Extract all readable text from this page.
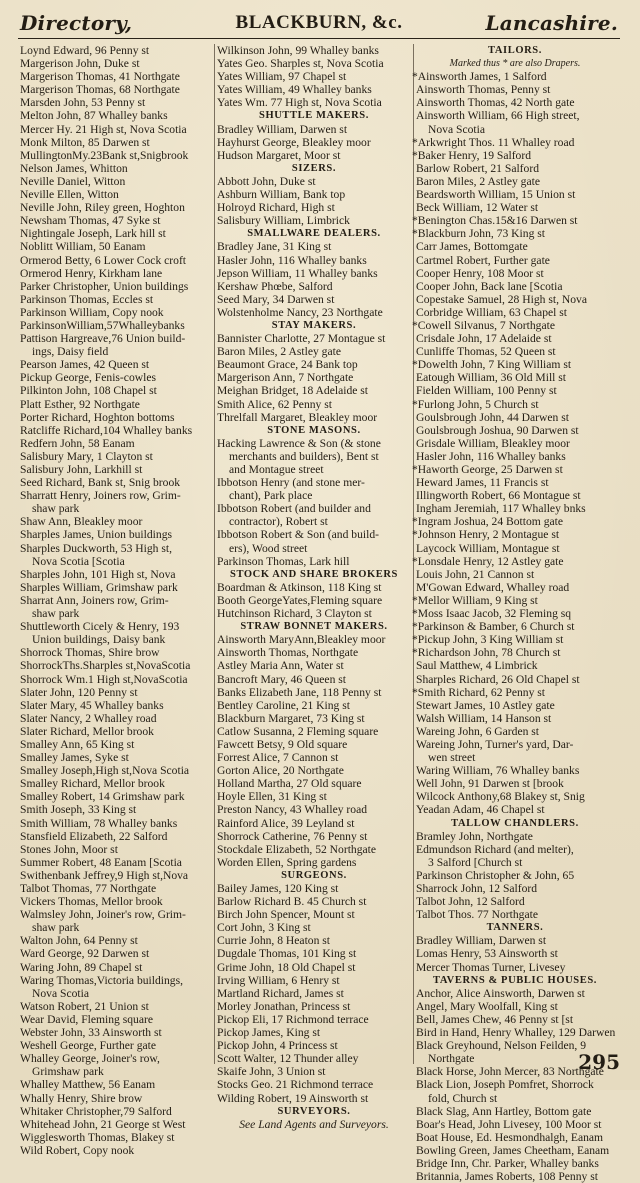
Directory,	BLACKBURN, &c.	Lancashire.
Loynd Edward, 96 Penny st
Margerison John, Duke st
Margerison Thomas, 41 Northgate
Margerison Thomas, 68 Northgate
Marsden John, 53 Penny st
Melton John, 87 Whalley banks
Mercer Hy. 21 High st, Nova Scotia
Monk Milton, 85 Darwen st
MullingtonMy.23Bank st,Snigbrook
Nelson James, Whitton
Neville Daniel, Witton
Neville Ellen, Witton
Neville John, Riley green, Hoghton
Newsham Thomas, 47 Syke st
Nightingale Joseph, Lark hill st
Noblitt William, 50 Eanam
Ormerod Betty, 6 Lower Cock croft
Ormerod Henry, Kirkham lane
Parker Christopher, Union buildings
Parkinson Thomas, Eccles st
Parkinson William, Copy nook
ParkinsonWilliam,57Whalleybanks
Pattison Hargreave,76 Union build-
ings, Daisy field
Pearson James, 42 Queen st
Pickup George, Fenis-cowles
Pilkinton John, 108 Chapel st
Platt Esther, 92 Northgate
Porter Richard, Hoghton bottoms
Ratcliffe Richard,104 Whalley banks
Redfern John, 58 Eanam
Salisbury Mary, 1 Clayton st
Salisbury John, Larkhill st
Seed Richard, Bank st, Snig brook
Sharratt Henry, Joiners row, Grim-
shaw park
Shaw Ann, Bleakley moor
Sharples James, Union buildings
Sharples Duckworth, 53 High st,
Nova Scotia [Scotia
Sharples John, 101 High st, Nova
Sharples William, Grimshaw park
Sharrat Ann, Joiners row, Grim-
shaw park
Shuttleworth Cicely & Henry, 193
Union buildings, Daisy bank
Shorrock Thomas, Shire brow
ShorrockThs.Sharples st,NovaScotia
Shorrock Wm.1 High st,NovaScotia
Slater John, 120 Penny st
Slater Mary, 45 Whalley banks
Slater Nancy, 2 Whalley road
Slater Richard, Mellor brook
Smalley Ann, 65 King st
Smalley James, Syke st
Smalley Joseph,High st,Nova Scotia
Smalley Richard, Mellor brook
Smalley Robert, 14 Grimshaw park
Smith Joseph, 33 King st
Smith William, 78 Whalley banks
Stansfield Elizabeth, 22 Salford
Stones John, Moor st
Summer Robert, 48 Eanam [Scotia
Swithenbank Jeffrey,9 High st,Nova
Talbot Thomas, 77 Northgate
Vickers Thomas, Mellor brook
Walmsley John, Joiner's row, Grim-
shaw park
Walton John, 64 Penny st
Ward George, 92 Darwen st
Waring John, 89 Chapel st
Waring Thomas,Victoria buildings,
Nova Scotia
Watson Robert, 21 Union st
Wear David, Fleming square
Webster John, 33 Ainsworth st
Weshell George, Further gate
Whalley George, Joiner's row,
Grimshaw park
Whalley Matthew, 56 Eanam
Whally Henry, Shire brow
Whitaker Christopher,79 Salford
Whitehead John, 21 George st West
Wigglesworth Thomas, Blakey st
Wild Robert, Copy nook
Wilkinson John, 99 Whalley banks
Yates Geo. Sharples st, Nova Scotia
Yates William, 97 Chapel st
Yates William, 49 Whalley banks
Yates Wm. 77 High st, Nova Scotia
SHUTTLE MAKERS.
Bradley William, Darwen st
Hayhurst George, Bleakley moor
Hudson Margaret, Moor st
SIZERS.
Abbott John, Duke st
Ashburn William, Bank top
Holroyd Richard, High st
Salisbury William, Limbrick
SMALLWARE DEALERS.
Bradley Jane, 31 King st
Hasler John, 116 Whalley banks
Jepson William, 11 Whalley banks
Kershaw Phœbe, Salford
Seed Mary, 34 Darwen st
Wolstenholme Nancy, 23 Northgate
STAY MAKERS.
Bannister Charlotte, 27 Montague st
Baron Miles, 2 Astley gate
Beaumont Grace, 24 Bank top
Margerison Ann, 7 Northgate
Meighan Bridget, 18 Adelaide st
Smith Alice, 62 Penny st
Threlfall Margaret, Bleakley moor
STONE MASONS.
Hacking Lawrence & Son (& stone
merchants and builders), Bent st
and Montague street
Ibbotson Henry (and stone mer-
chant), Park place
Ibbotson Robert (and builder and
contractor), Robert st
Ibbotson Robert & Son (and build-
ers), Wood street
Parkinson Thomas, Lark hill
STOCK AND SHARE BROKERS
Boardman & Atkinson, 118 King st
Booth GeorgeYates,Fleming square
Hutchinson Richard, 3 Clayton st
STRAW BONNET MAKERS.
Ainsworth MaryAnn,Bleakley moor
Ainsworth Thomas, Northgate
Astley Maria Ann, Water st
Bancroft Mary, 46 Queen st
Banks Elizabeth Jane, 118 Penny st
Bentley Caroline, 21 King st
Blackburn Margaret, 73 King st
Catlow Susanna, 2 Fleming square
Fawcett Betsy, 9 Old square
Forrest Alice, 7 Cannon st
Gorton Alice, 20 Northgate
Holland Martha, 27 Old square
Hoyle Ellen, 31 King st
Preston Nancy, 43 Whalley road
Rainford Alice, 39 Leyland st
Shorrock Catherine, 76 Penny st
Stockdale Elizabeth, 52 Northgate
Worden Ellen, Spring gardens
SURGEONS.
Bailey James, 120 King st
Barlow Richard B. 45 Church st
Birch John Spencer, Mount st
Cort John, 3 King st
Currie John, 8 Heaton st
Dugdale Thomas, 101 King st
Grime John, 18 Old Chapel st
Irving William, 6 Henry st
Martland Richard, James st
Morley Jonathan, Princess st
Pickop Eli, 17 Richmond terrace
Pickop James, King st
Pickop John, 4 Princess st
Scott Walter, 12 Thunder alley
Skaife John, 3 Union st
Stocks Geo. 21 Richmond terrace
Wilding Robert, 19 Ainsworth st
SURVEYORS.
See Land Agents and Surveyors.
TAILORS.
Marked thus * are also Drapers.
*Ainsworth James, 1 Salford
Ainsworth Thomas, Penny st
Ainsworth Thomas, 42 North gate
Ainsworth William, 66 High street,
Nova Scotia
*Arkwright Thos. 11 Whalley road
*Baker Henry, 19 Salford
Barlow Robert, 21 Salford
Baron Miles, 2 Astley gate
Beardsworth William, 15 Union st
Beck William, 12 Water st
*Benington Chas.15&16 Darwen st
*Blackburn John, 73 King st
Carr James, Bottomgate
Cartmel Robert, Further gate
Cooper Henry, 108 Moor st
Cooper John, Back lane [Scotia
Copestake Samuel, 28 High st, Nova
Corbridge William, 63 Chapel st
*Cowell Silvanus, 7 Northgate
Crisdale John, 17 Adelaide st
Cunliffe Thomas, 52 Queen st
*Dowelth John, 7 King William st
Eatough William, 36 Old Mill st
Fielden William, 100 Penny st
*Furlong John, 5 Church st
Goulsbrough John, 44 Darwen st
Goulsbrough Joshua, 90 Darwen st
Grisdale William, Bleakley moor
Hasler John, 116 Whalley banks
*Haworth George, 25 Darwen st
Heward James, 11 Francis st
Illingworth Robert, 66 Montague st
Ingham Jeremiah, 117 Whalley bnks
*Ingram Joshua, 24 Bottom gate
*Johnson Henry, 2 Montague st
Laycock William, Montague st
*Lonsdale Henry, 12 Astley gate
Louis John, 21 Cannon st
M'Gowan Edward, Whalley road
*Mellor William, 9 King st
*Moss Isaac Jacob, 32 Fleming sq
*Parkinson & Bamber, 6 Church st
*Pickup John, 3 King William st
*Richardson John, 78 Church st
Saul Matthew, 4 Limbrick
Sharples Richard, 26 Old Chapel st
*Smith Richard, 62 Penny st
Stewart James, 10 Astley gate
Walsh William, 14 Hanson st
Wareing John, 6 Garden st
Wareing John, Turner's yard, Dar-
wen street
Waring William, 76 Whalley banks
Well John, 91 Darwen st [brook
Wilcock Anthony,68 Blakey st, Snig
Yeadan Adam, 46 Chapel st
TALLOW CHANDLERS.
Bramley John, Northgate
Edmundson Richard (and melter),
3 Salford [Church st
Parkinson Christopher & John, 65
Sharrock John, 12 Salford
Talbot John, 12 Salford
Talbot Thos. 77 Northgate
TANNERS.
Bradley William, Darwen st
Lomas Henry, 53 Ainsworth st
Mercer Thomas Turner, Livesey
TAVERNS & PUBLIC HOUSES.
Anchor, Alice Ainsworth, Darwen st
Angel, Mary Woolfall, King st
Bell, James Chew, 46 Penny st [st
Bird in Hand, Henry Whalley, 129 Darwen
Black Greyhound, Nelson Feilden, 9
Northgate
Black Horse, John Mercer, 83 Northgate
Black Lion, Joseph Pomfret, Shorrock
fold, Church st
Black Slag, Ann Hartley, Bottom gate
Boar's Head, John Livesey, 100 Moor st
Boat House, Ed. Hesmondhalgh, Eanam
Bowling Green, James Cheetham, Eanam
Bridge Inn, Chr. Parker, Whalley banks
Britannia, James Roberts, 108 Penny st
295
